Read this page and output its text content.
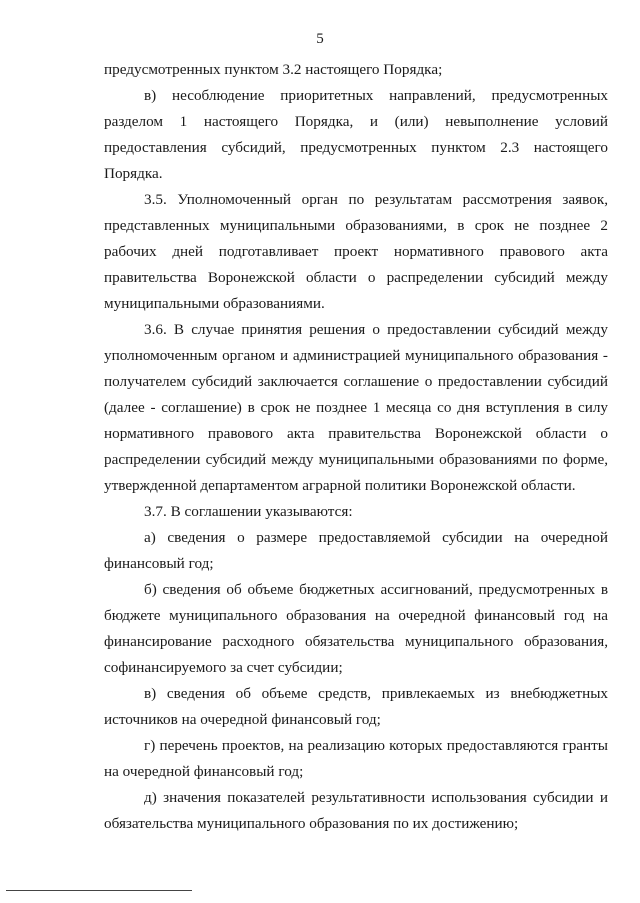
5

предусмотренных пунктом 3.2 настоящего Порядка;

в) несоблюдение приоритетных направлений, предусмотренных разделом 1 настоящего Порядка, и (или) невыполнение условий предоставления субсидий, предусмотренных пунктом 2.3 настоящего Порядка.

3.5. Уполномоченный орган по результатам рассмотрения заявок, представленных муниципальными образованиями, в срок не позднее 2 рабочих дней подготавливает проект нормативного правового акта правительства Воронежской области о распределении субсидий между муниципальными образованиями.

3.6. В случае принятия решения о предоставлении субсидий между уполномоченным органом и администрацией муниципального образования - получателем субсидий заключается соглашение о предоставлении субсидий (далее - соглашение) в срок не позднее 1 месяца со дня вступления в силу нормативного правового акта правительства Воронежской области о распределении субсидий между муниципальными образованиями по форме, утвержденной департаментом аграрной политики Воронежской области.

3.7. В соглашении указываются:

а) сведения о размере предоставляемой субсидии на очередной финансовый год;

б) сведения об объеме бюджетных ассигнований, предусмотренных в бюджете муниципального образования на очередной финансовый год на финансирование расходного обязательства муниципального образования, софинансируемого за счет субсидии;

в) сведения об объеме средств, привлекаемых из внебюджетных источников на очередной финансовый год;

г) перечень проектов, на реализацию которых предоставляются гранты на очередной финансовый год;

д) значения показателей результативности использования субсидии и обязательства муниципального образования по их достижению;
